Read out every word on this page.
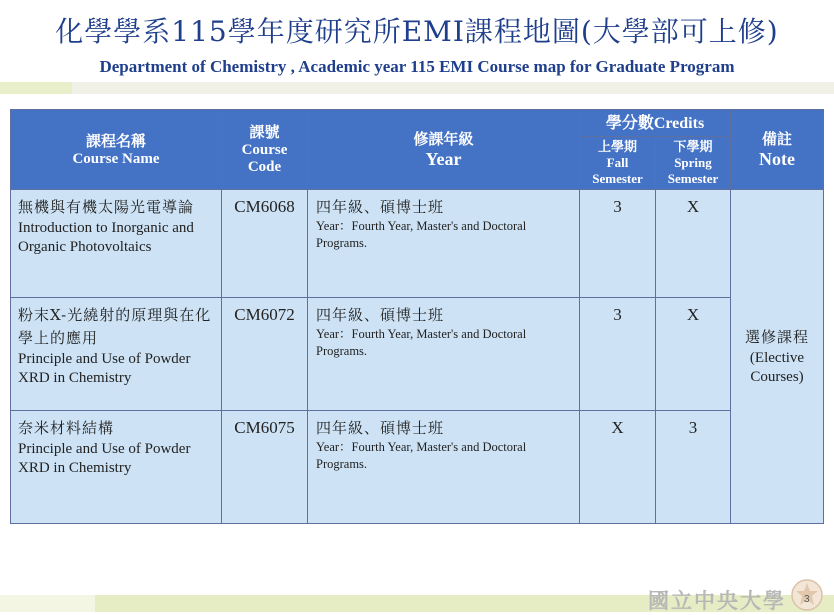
化學學系115學年度研究所EMI課程地圖(大學部可上修)
Department of Chemistry , Academic year 115 EMI Course map for Graduate Program
課程名稱
Course Name	課號
Course
Code	修課年級
Year	學分數Credits		備註
Note

			上學期
Fall
Semester	下學期
Spring
Semester	

無機與有機太陽光電導論
Introduction to Inorganic and Organic Photovoltaics	CM6068	四年級、碩博士班
Year：Fourth Year, Master's and Doctoral Programs.	3	X	選修課程
(Elective
Courses)

粉末X-光繞射的原理與在化學上的應用
Principle and Use of Powder XRD in Chemistry	CM6072	四年級、碩博士班
Year：Fourth Year, Master's and Doctoral Programs.	3	X	

奈米材料結構
Principle and Use of Powder XRD in Chemistry	CM6075	四年級、碩博士班
Year：Fourth Year, Master's and Doctoral Programs.	X	3	
國立中央大學 3
